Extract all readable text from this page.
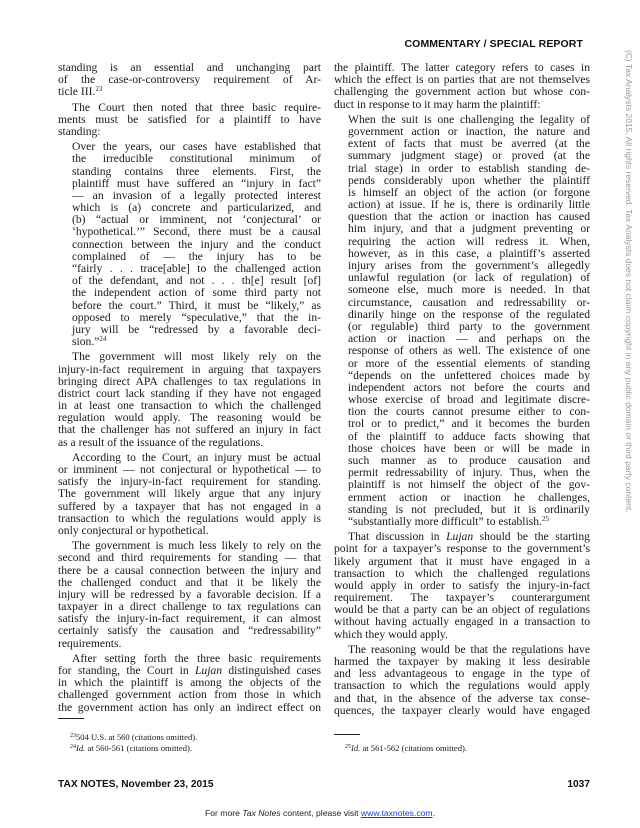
COMMENTARY / SPECIAL REPORT
(C) Tax Analysts 2015. All rights reserved. Tax Analysts does not claim copyright in any public domain or third party content.
standing is an essential and unchanging part
of the case-or-controversy requirement of Ar-
ticle III.$^{23}$
The Court then noted that three basic require-
ments must be satisfied for a plaintiff to have
standing:
Over the years, our cases have established that
the irreducible constitutional minimum of
standing contains three elements. First, the
plaintiff must have suffered an “injury in fact”
— an invasion of a legally protected interest
which is (a) concrete and particularized, and
(b) “actual or imminent, not ‘conjectural’ or
‘hypothetical.’” Second, there must be a causal
connection between the injury and the conduct
complained of — the injury has to be
“fairly . . . trace[able] to the challenged action
of the defendant, and not . . . th[e] result [of]
the independent action of some third party not
before the court.” Third, it must be “likely,” as
opposed to merely “speculative,” that the in-
jury will be “redressed by a favorable deci-
sion.”$^{24}$
The government will most likely rely on the
injury-in-fact requirement in arguing that taxpayers
bringing direct APA challenges to tax regulations in
district court lack standing if they have not engaged
in at least one transaction to which the challenged
regulation would apply. The reasoning would be
that the challenger has not suffered an injury in fact
as a result of the issuance of the regulations.
According to the Court, an injury must be actual
or imminent — not conjectural or hypothetical — to
satisfy the injury-in-fact requirement for standing.
The government will likely argue that any injury
suffered by a taxpayer that has not engaged in a
transaction to which the regulations would apply is
only conjectural or hypothetical.
The government is much less likely to rely on the
second and third requirements for standing — that
there be a causal connection between the injury and
the challenged conduct and that it be likely the
injury will be redressed by a favorable decision. If a
taxpayer in a direct challenge to tax regulations can
satisfy the injury-in-fact requirement, it can almost
certainly satisfy the causation and “redressability”
requirements.
After setting forth the three basic requirements
for standing, the Court in Lujan distinguished cases
in which the plaintiff is among the objects of the
challenged government action from those in which
the government action has only an indirect effect on
the plaintiff. The latter category refers to cases in
which the effect is on parties that are not themselves
challenging the government action but whose con-
duct in response to it may harm the plaintiff:
When the suit is one challenging the legality of
government action or inaction, the nature and
extent of facts that must be averred (at the
summary judgment stage) or proved (at the
trial stage) in order to establish standing de-
pends considerably upon whether the plaintiff
is himself an object of the action (or forgone
action) at issue. If he is, there is ordinarily little
question that the action or inaction has caused
him injury, and that a judgment preventing or
requiring the action will redress it. When,
however, as in this case, a plaintiff’s asserted
injury arises from the government’s allegedly
unlawful regulation (or lack of regulation) of
someone else, much more is needed. In that
circumstance, causation and redressability or-
dinarily hinge on the response of the regulated
(or regulable) third party to the government
action or inaction — and perhaps on the
response of others as well. The existence of one
or more of the essential elements of standing
“depends on the unfettered choices made by
independent actors not before the courts and
whose exercise of broad and legitimate discre-
tion the courts cannot presume either to con-
trol or to predict,” and it becomes the burden
of the plaintiff to adduce facts showing that
those choices have been or will be made in
such manner as to produce causation and
permit redressability of injury. Thus, when the
plaintiff is not himself the object of the gov-
ernment action or inaction he challenges,
standing is not precluded, but it is ordinarily
“substantially more difficult” to establish.$^{25}$
That discussion in Lujan should be the starting
point for a taxpayer’s response to the government’s
likely argument that it must have engaged in a
transaction to which the challenged regulations
would apply in order to satisfy the injury-in-fact
requirement. The taxpayer’s counterargument
would be that a party can be an object of regulations
without having actually engaged in a transaction to
which they would apply.
The reasoning would be that the regulations have
harmed the taxpayer by making it less desirable
and less advantageous to engage in the type of
transaction to which the regulations would apply
and that, in the absence of the adverse tax conse-
quences, the taxpayer clearly would have engaged
$^{23}$504 U.S. at 560 (citations omitted).
$^{24}$Id. at 560-561 (citations omitted).	$^{25}$Id. at 561-562 (citations omitted).
TAX NOTES, November 23, 2015	1037
For more Tax Notes content, please visit www.taxnotes.com.
